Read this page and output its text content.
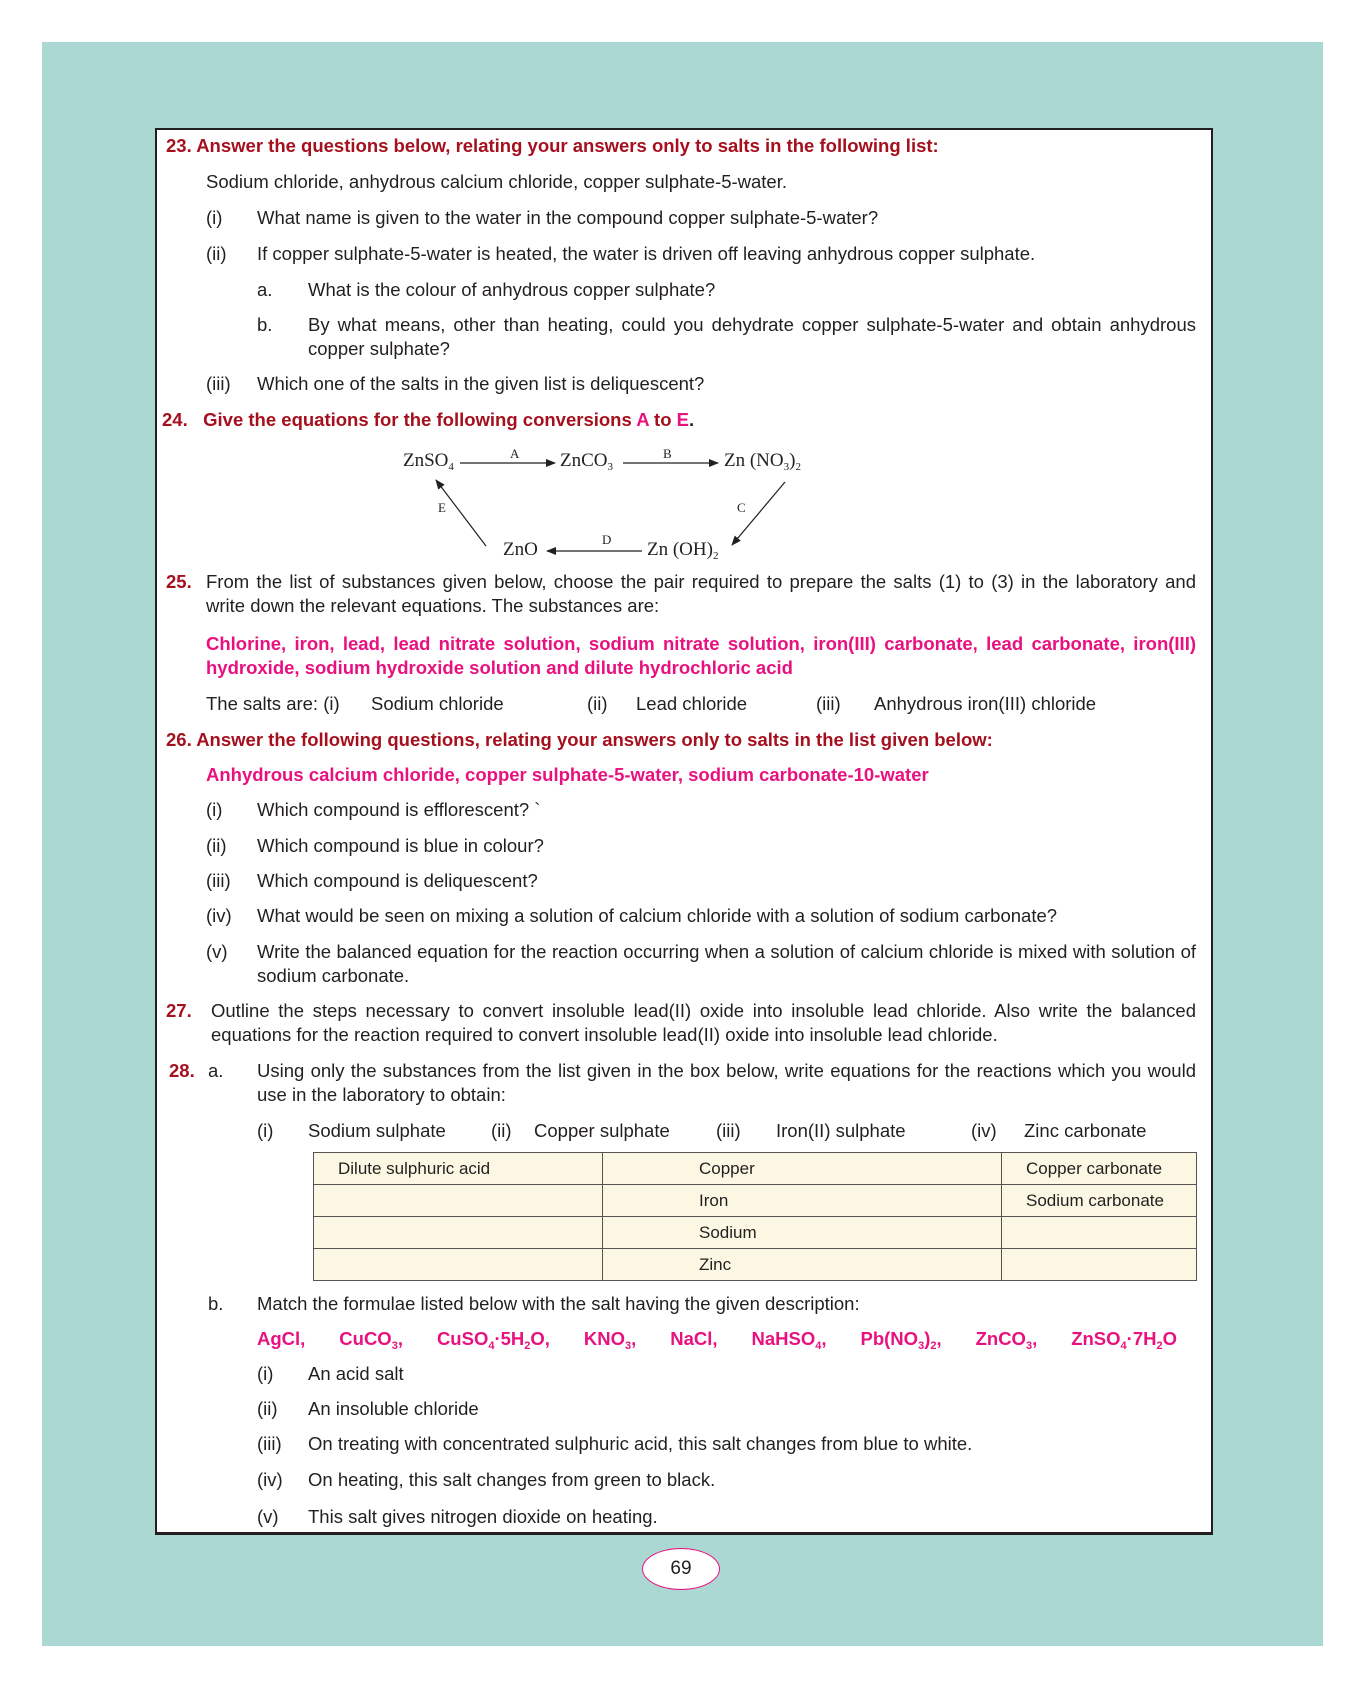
23. Answer the questions below, relating your answers only to salts in the following list:
Sodium chloride, anhydrous calcium chloride, copper sulphate-5-water.
(i) What name is given to the water in the compound copper sulphate-5-water?
(ii) If copper sulphate-5-water is heated, the water is driven off leaving anhydrous copper sulphate.
a. What is the colour of anhydrous copper sulphate?
b. By what means, other than heating, could you dehydrate copper sulphate-5-water and obtain anhydrous copper sulphate?
(iii) Which one of the salts in the given list is deliquescent?
24. Give the equations for the following conversions A to E.
ZnSO$_4$	ZnCO$_3$	Zn $(NO_3)_2$
ZnO	Zn $(OH)_2$
A	B
C
D
E
25. From the list of substances given below, choose the pair required to prepare the salts (1) to (3) in the laboratory and write down the relevant equations. The substances are:
Chlorine, iron, lead, lead nitrate solution, sodium nitrate solution, iron(III) carbonate, lead carbonate, iron(III) hydroxide, sodium hydroxide solution and dilute hydrochloric acid
The salts are: (i) Sodium chloride	(ii) Lead chloride	(iii) Anhydrous iron(III) chloride
26. Answer the following questions, relating your answers only to salts in the list given below:
Anhydrous calcium chloride, copper sulphate-5-water, sodium carbonate-10-water
(i) Which compound is efflorescent? `
(ii) Which compound is blue in colour?
(iii) Which compound is deliquescent?
(iv) What would be seen on mixing a solution of calcium chloride with a solution of sodium carbonate?
(v) Write the balanced equation for the reaction occurring when a solution of calcium chloride is mixed with solution of sodium carbonate.
27. Outline the steps necessary to convert insoluble lead(II) oxide into insoluble lead chloride. Also write the balanced equations for the reaction required to convert insoluble lead(II) oxide into insoluble lead chloride.
28. a. Using only the substances from the list given in the box below, write equations for the reactions which you would use in the laboratory to obtain:
(i) Sodium sulphate (ii) Copper sulphate (iii) Iron(II) sulphate	(iv) Zinc carbonate
Dilute sulphuric acid	Copper	Copper carbonate
	Iron	Sodium carbonate
	Sodium	
	Zinc	
b. Match the formulae listed below with the salt having the given description:
AgCl, CuCO$_3$, $CuSO_4\cdot 5H_2O$, $KNO_3$, NaCl, NaHSO$_4$, $Pb(NO_3)_2$, ZnCO$_3$, $ZnSO_4\cdot 7H_2O$
(i) An acid salt
(ii) An insoluble chloride
(iii) On treating with concentrated sulphuric acid, this salt changes from blue to white.
(iv) On heating, this salt changes from green to black.
(v) This salt gives nitrogen dioxide on heating.
69
